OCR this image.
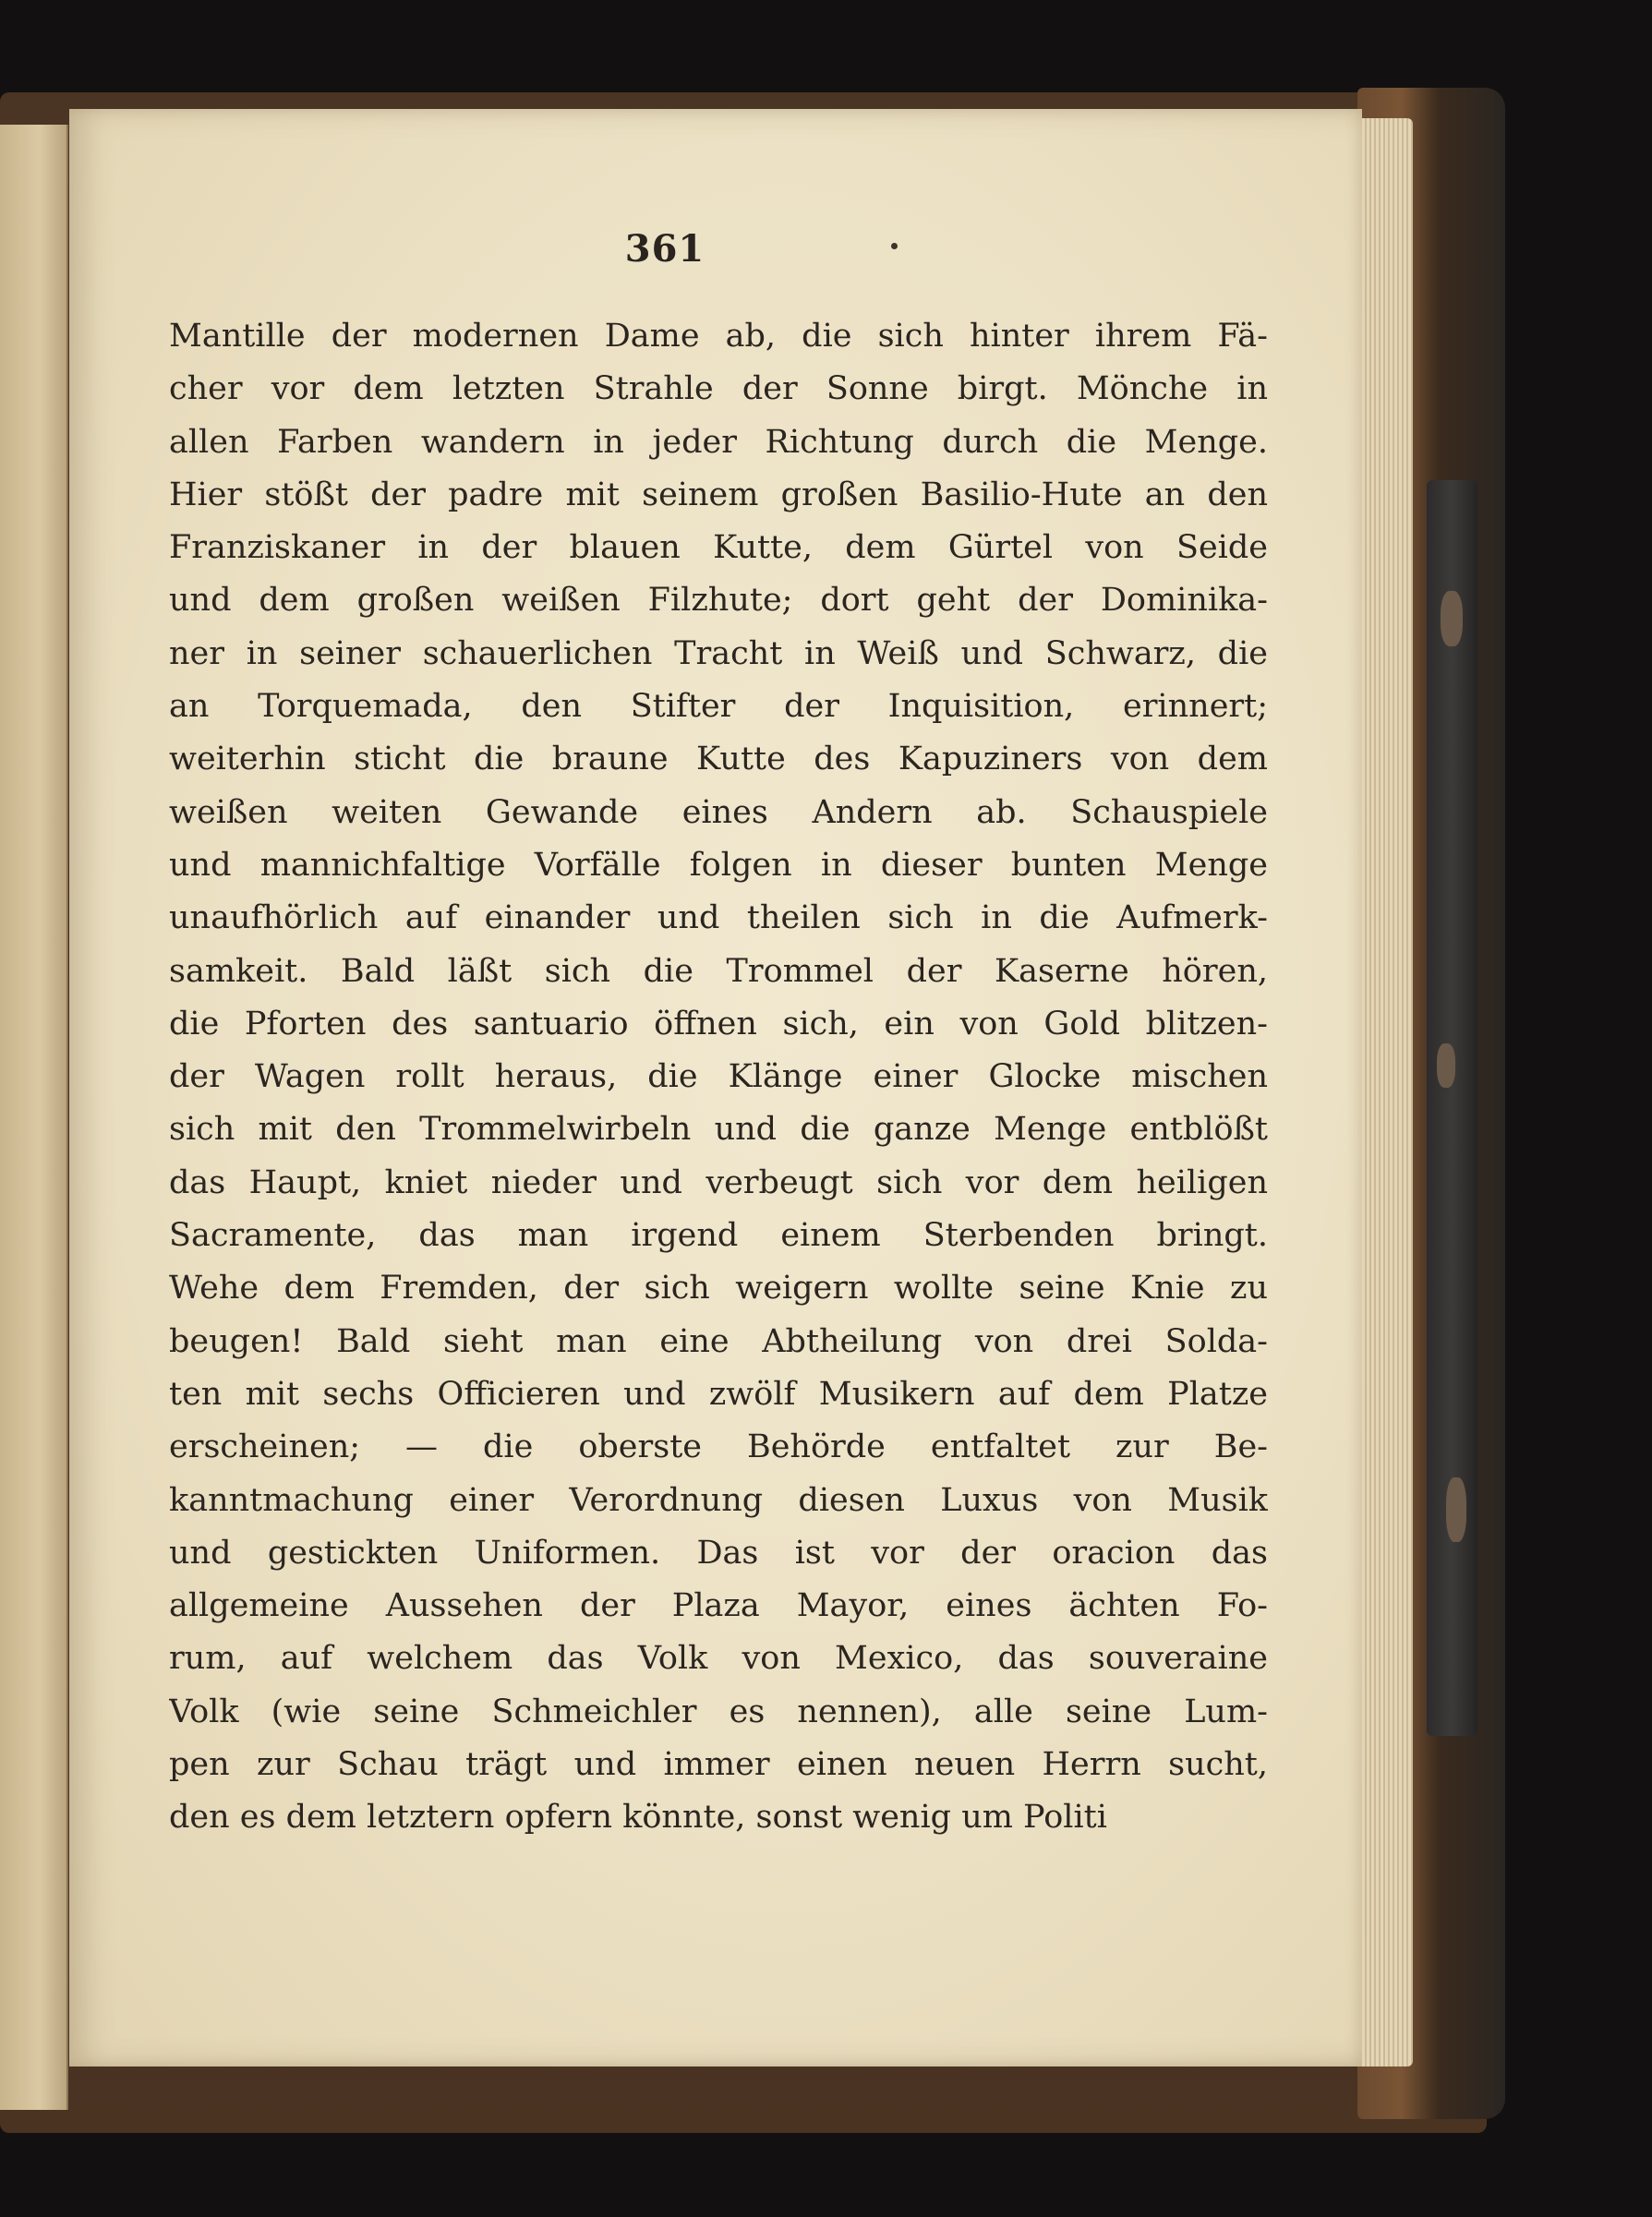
361
Mantille der modernen Dame ab, die sich hinter ihrem Fä-
cher vor dem letzten Strahle der Sonne birgt. Mönche in
allen Farben wandern in jeder Richtung durch die Menge.
Hier stößt der padre mit seinem großen Basilio-Hute an den
Franziskaner in der blauen Kutte, dem Gürtel von Seide
und dem großen weißen Filzhute; dort geht der Dominika-
ner in seiner schauerlichen Tracht in Weiß und Schwarz, die
an Torquemada, den Stifter der Inquisition, erinnert;
weiterhin sticht die braune Kutte des Kapuziners von dem
weißen weiten Gewande eines Andern ab. Schauspiele
und mannichfaltige Vorfälle folgen in dieser bunten Menge
unaufhörlich auf einander und theilen sich in die Aufmerk-
samkeit. Bald läßt sich die Trommel der Kaserne hören,
die Pforten des santuario öffnen sich, ein von Gold blitzen-
der Wagen rollt heraus, die Klänge einer Glocke mischen
sich mit den Trommelwirbeln und die ganze Menge entblößt
das Haupt, kniet nieder und verbeugt sich vor dem heiligen
Sacramente, das man irgend einem Sterbenden bringt.
Wehe dem Fremden, der sich weigern wollte seine Knie zu
beugen! Bald sieht man eine Abtheilung von drei Solda-
ten mit sechs Officieren und zwölf Musikern auf dem Platze
erscheinen; — die oberste Behörde entfaltet zur Be-
kanntmachung einer Verordnung diesen Luxus von Musik
und gestickten Uniformen. Das ist vor der oracion das
allgemeine Aussehen der Plaza Mayor, eines ächten Fo-
rum, auf welchem das Volk von Mexico, das souveraine
Volk (wie seine Schmeichler es nennen), alle seine Lum-
pen zur Schau trägt und immer einen neuen Herrn sucht,
den es dem letztern opfern könnte, sonst wenig um Politi
